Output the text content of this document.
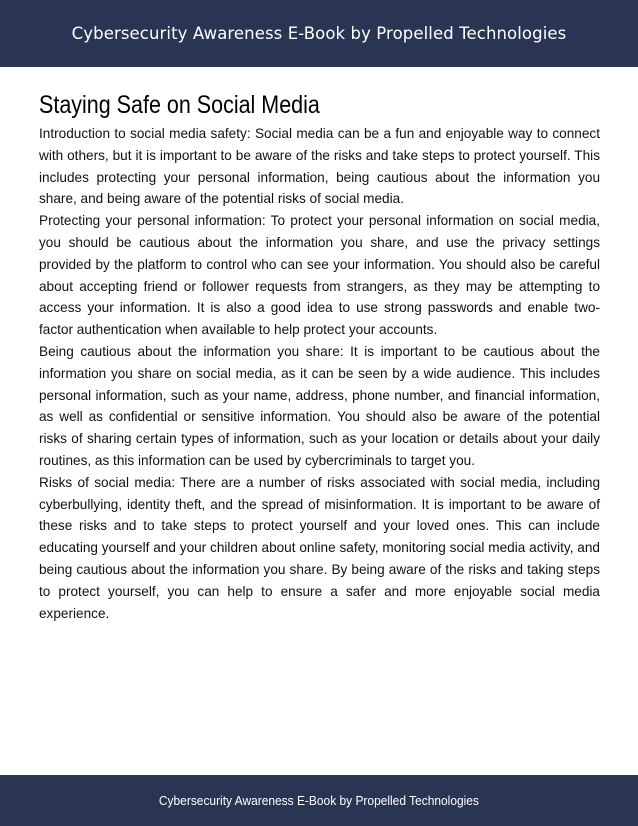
Cybersecurity Awareness E-Book by Propelled Technologies
Staying Safe on Social Media

Introduction to social media safety: Social media can be a fun and enjoyable way to connect with others, but it is important to be aware of the risks and take steps to protect yourself. This includes protecting your personal information, being cautious about the information you share, and being aware of the potential risks of social media.

Protecting your personal information: To protect your personal information on social media, you should be cautious about the information you share, and use the privacy settings provided by the platform to control who can see your information. You should also be careful about accepting friend or follower requests from strangers, as they may be attempting to access your information. It is also a good idea to use strong passwords and enable two-factor authentication when available to help protect your accounts.

Being cautious about the information you share: It is important to be cautious about the information you share on social media, as it can be seen by a wide audience. This includes personal information, such as your name, address, phone number, and financial information, as well as confidential or sensitive information. You should also be aware of the potential risks of sharing certain types of information, such as your location or details about your daily routines, as this information can be used by cybercriminals to target you.

Risks of social media: There are a number of risks associated with social media, including cyberbullying, identity theft, and the spread of misinformation. It is important to be aware of these risks and to take steps to protect yourself and your loved ones. This can include educating yourself and your children about online safety, monitoring social media activity, and being cautious about the information you share. By being aware of the risks and taking steps to protect yourself, you can help to ensure a safer and more enjoyable social media experience.

Cybersecurity Awareness E-Book by Propelled Technologies
